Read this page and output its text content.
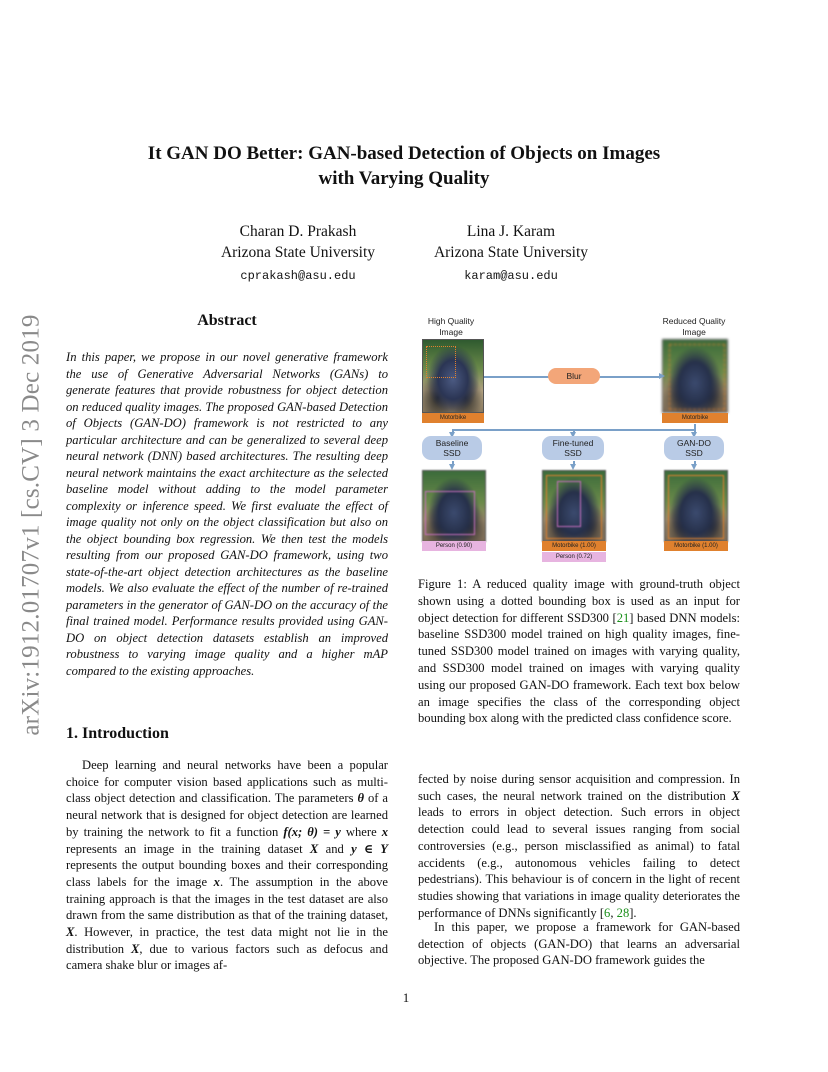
arXiv:1912.01707v1 [cs.CV] 3 Dec 2019
It GAN DO Better: GAN-based Detection of Objects on Images
with Varying Quality
Charan D. Prakash
Arizona State University
cprakash@asu.edu
Lina J. Karam
Arizona State University
karam@asu.edu
Abstract

In this paper, we propose in our novel generative framework the use of Generative Adversarial Networks (GANs) to generate features that provide robustness for object detection on reduced quality images. The proposed GAN-based Detection of Objects (GAN-DO) framework is not restricted to any particular architecture and can be generalized to several deep neural network (DNN) based architectures. The resulting deep neural network maintains the exact architecture as the selected baseline model without adding to the model parameter complexity or inference speed. We first evaluate the effect of image quality not only on the object classification but also on the object bounding box regression. We then test the models resulting from our proposed GAN-DO framework, using two state-of-the-art object detection architectures as the baseline models. We also evaluate the effect of the number of re-trained parameters in the generator of GAN-DO on the accuracy of the final trained model. Performance results provided using GAN-DO on object detection datasets establish an improved robustness to varying image quality and a higher mAP compared to the existing approaches.

1. Introduction

Deep learning and neural networks have been a popular choice for computer vision based applications such as multi-class object detection and classification. The parameters θ of a neural network that is designed for object detection are learned by training the network to fit a function f(x; θ) = y where x represents an image in the training dataset X and y ∈ Y represents the output bounding boxes and their corresponding class labels for the image x. The assumption in the above training approach is that the images in the test dataset are also drawn from the same distribution as that of the training dataset, X. However, in practice, the test data might not lie in the distribution X, due to various factors such as defocus and camera shake blur or images af-

High Quality
Image
Reduced Quality
Image
Motorbike	Motorbike
Blur
Baseline
SSD
Fine-tuned
SSD
GAN-DO
SSD
Person (0.90)	Motorbike (1.00)
Person (0.72)
Motorbike (1.00)

Figure 1: A reduced quality image with ground-truth object shown using a dotted bounding box is used as an input for object detection for different SSD300 [21] based DNN models: baseline SSD300 model trained on high quality images, fine-tuned SSD300 model trained on images with varying quality, and SSD300 model trained on images with varying quality using our proposed GAN-DO framework. Each text box below an image specifies the class of the corresponding object bounding box along with the predicted class confidence score.

fected by noise during sensor acquisition and compression. In such cases, the neural network trained on the distribution X leads to errors in object detection. Such errors in object detection could lead to several issues ranging from social controversies (e.g., person misclassified as animal) to fatal accidents (e.g., autonomous vehicles failing to detect pedestrians). This behaviour is of concern in the light of recent studies showing that variations in image quality deteriorates the performance of DNNs significantly [6, 28].

In this paper, we propose a framework for GAN-based detection of objects (GAN-DO) that learns an adversarial objective. The proposed GAN-DO framework guides the

1
